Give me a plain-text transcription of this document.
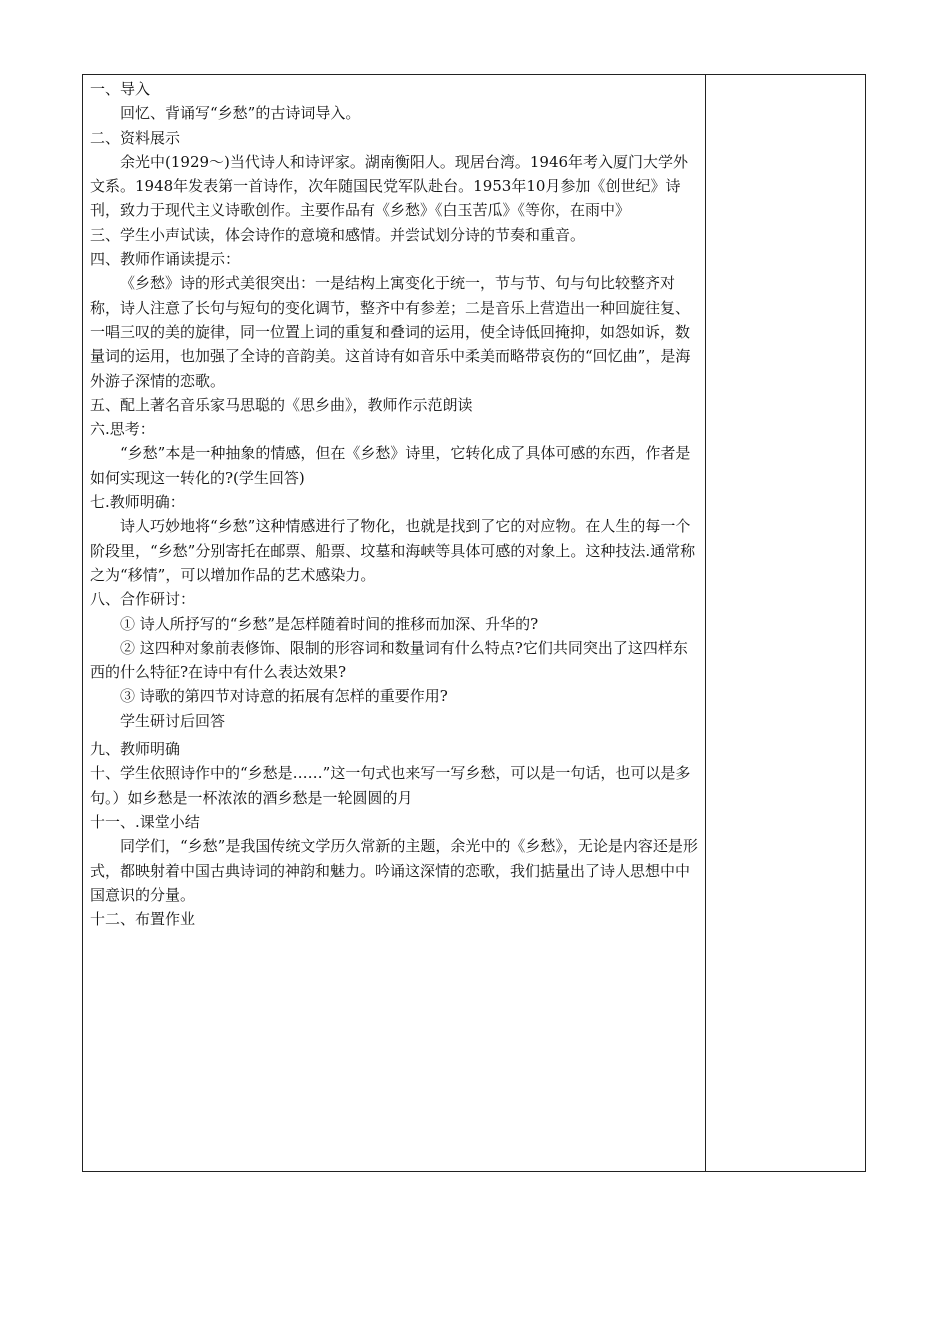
一、导入

回忆、背诵写“乡愁”的古诗词导入。

二、资料展示

余光中(1929～)当代诗人和诗评家。湖南衡阳人。现居台湾。1946年考入厦门大学外文系。1948年发表第一首诗作，次年随国民党军队赴台。1953年10月参加《创世纪》诗刊，致力于现代主义诗歌创作。主要作品有《乡愁》《白玉苦瓜》《等你，在雨中》

三、学生小声试读，体会诗作的意境和感情。并尝试划分诗的节奏和重音。

四、教师作诵读提示：

《乡愁》诗的形式美很突出：一是结构上寓变化于统一，节与节、句与句比较整齐对称，诗人注意了长句与短句的变化调节，整齐中有参差；二是音乐上营造出一种回旋往复、一唱三叹的美的旋律，同一位置上词的重复和叠词的运用，使全诗低回掩抑，如怨如诉，数量词的运用，也加强了全诗的音韵美。这首诗有如音乐中柔美而略带哀伤的“回忆曲”，是海外游子深情的恋歌。

五、配上著名音乐家马思聪的《思乡曲》，教师作示范朗读

六.思考：

“乡愁”本是一种抽象的情感，但在《乡愁》诗里，它转化成了具体可感的东西，作者是如何实现这一转化的?(学生回答)

七.教师明确：

诗人巧妙地将“乡愁”这种情感进行了物化，也就是找到了它的对应物。在人生的每一个阶段里，“乡愁”分别寄托在邮票、船票、坟墓和海峡等具体可感的对象上。这种技法.通常称之为“移情”，可以增加作品的艺术感染力。

八、合作研讨：

① 诗人所抒写的“乡愁”是怎样随着时间的推移而加深、升华的?

② 这四种对象前表修饰、限制的形容词和数量词有什么特点?它们共同突出了这四样东西的什么特征?在诗中有什么表达效果?

③ 诗歌的第四节对诗意的拓展有怎样的重要作用?

学生研讨后回答

九、教师明确

十、学生依照诗作中的“乡愁是……”这一句式也来写一写乡愁，可以是一句话，也可以是多句。）如乡愁是一杯浓浓的酒乡愁是一轮圆圆的月

十一、.课堂小结

同学们，“乡愁”是我国传统文学历久常新的主题，余光中的《乡愁》，无论是内容还是形式，都映射着中国古典诗词的神韵和魅力。吟诵这深情的恋歌，我们掂量出了诗人思想中中国意识的分量。

十二、布置作业
